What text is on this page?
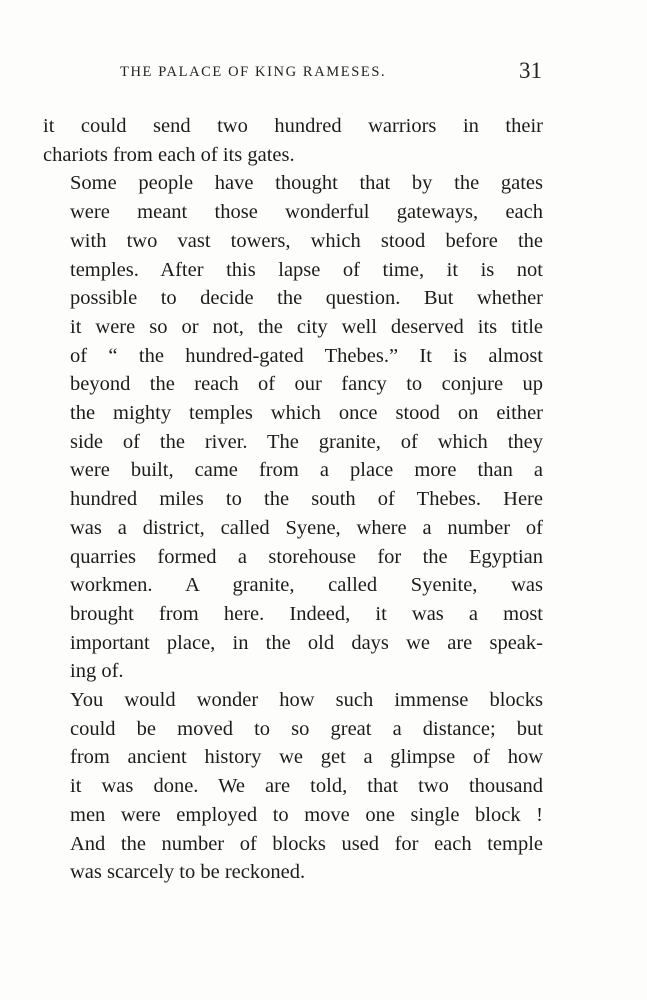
THE PALACE OF KING RAMESES.	31

it could send two hundred warriors in their
chariots from each of its gates.

Some people have thought that by the gates
were meant those wonderful gateways, each
with two vast towers, which stood before the
temples. After this lapse of time, it is not
possible to decide the question. But whether
it were so or not, the city well deserved its title
of “ the hundred-gated Thebes.” It is almost
beyond the reach of our fancy to conjure up
the mighty temples which once stood on either
side of the river. The granite, of which they
were built, came from a place more than a
hundred miles to the south of Thebes. Here
was a district, called Syene, where a number of
quarries formed a storehouse for the Egyptian
workmen. A granite, called Syenite, was
brought from here. Indeed, it was a most
important place, in the old days we are speak-
ing of.

You would wonder how such immense blocks
could be moved to so great a distance; but
from ancient history we get a glimpse of how
it was done. We are told, that two thousand
men were employed to move one single block !
And the number of blocks used for each temple
was scarcely to be reckoned.
